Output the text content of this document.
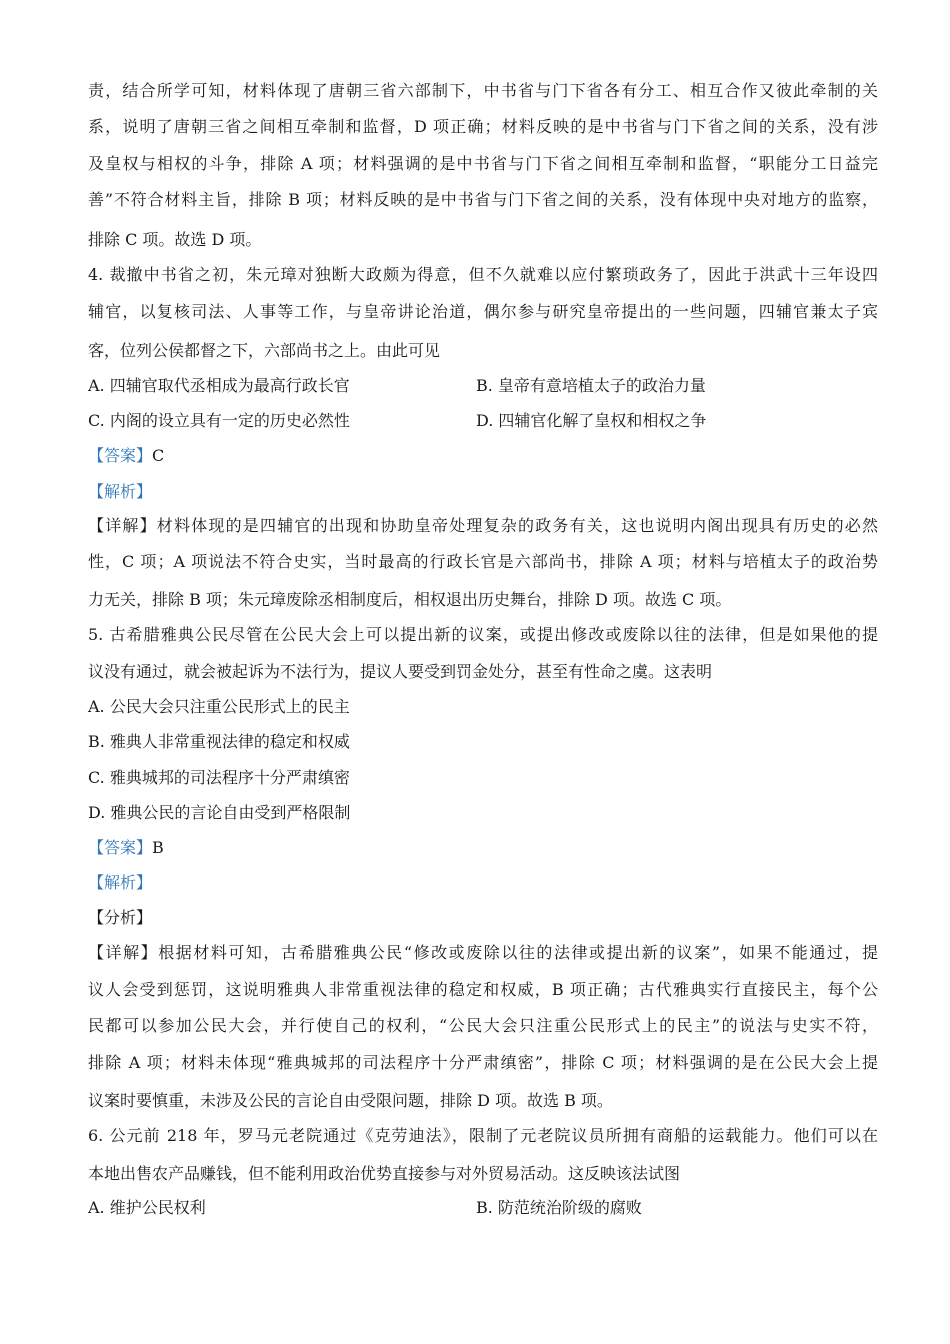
责，结合所学可知，材料体现了唐朝三省六部制下，中书省与门下省各有分工、相互合作又彼此牵制的关
系，说明了唐朝三省之间相互牵制和监督，D 项正确；材料反映的是中书省与门下省之间的关系，没有涉
及皇权与相权的斗争，排除 A 项；材料强调的是中书省与门下省之间相互牵制和监督，“职能分工日益完
善”不符合材料主旨，排除 B 项；材料反映的是中书省与门下省之间的关系，没有体现中央对地方的监察，
排除 C 项。故选 D 项。
4. 裁撤中书省之初，朱元璋对独断大政颇为得意，但不久就难以应付繁琐政务了，因此于洪武十三年设四
辅官，以复核司法、人事等工作，与皇帝讲论治道，偶尔参与研究皇帝提出的一些问题，四辅官兼太子宾
客，位列公侯都督之下，六部尚书之上。由此可见
A. 四辅官取代丞相成为最高行政长官	B. 皇帝有意培植太子的政治力量
C. 内阁的设立具有一定的历史必然性	D. 四辅官化解了皇权和相权之争
【答案】C
【解析】
【详解】材料体现的是四辅官的出现和协助皇帝处理复杂的政务有关，这也说明内阁出现具有历史的必然
性，C 项；A 项说法不符合史实，当时最高的行政长官是六部尚书，排除 A 项；材料与培植太子的政治势
力无关，排除 B 项；朱元璋废除丞相制度后，相权退出历史舞台，排除 D 项。故选 C 项。
5. 古希腊雅典公民尽管在公民大会上可以提出新的议案，或提出修改或废除以往的法律，但是如果他的提
议没有通过，就会被起诉为不法行为，提议人要受到罚金处分，甚至有性命之虞。这表明
A. 公民大会只注重公民形式上的民主
B. 雅典人非常重视法律的稳定和权威
C. 雅典城邦的司法程序十分严肃缜密
D. 雅典公民的言论自由受到严格限制
【答案】B
【解析】
【分析】
【详解】根据材料可知，古希腊雅典公民“修改或废除以往的法律或提出新的议案”，如果不能通过，提
议人会受到惩罚，这说明雅典人非常重视法律的稳定和权威，B 项正确；古代雅典实行直接民主，每个公
民都可以参加公民大会，并行使自己的权利，“公民大会只注重公民形式上的民主”的说法与史实不符，
排除 A 项；材料未体现“雅典城邦的司法程序十分严肃缜密”，排除 C 项；材料强调的是在公民大会上提
议案时要慎重，未涉及公民的言论自由受限问题，排除 D 项。故选 B 项。
6. 公元前 218 年，罗马元老院通过《克劳迪法》，限制了元老院议员所拥有商船的运载能力。他们可以在
本地出售农产品赚钱，但不能利用政治优势直接参与对外贸易活动。这反映该法试图
A. 维护公民权利	B. 防范统治阶级的腐败
